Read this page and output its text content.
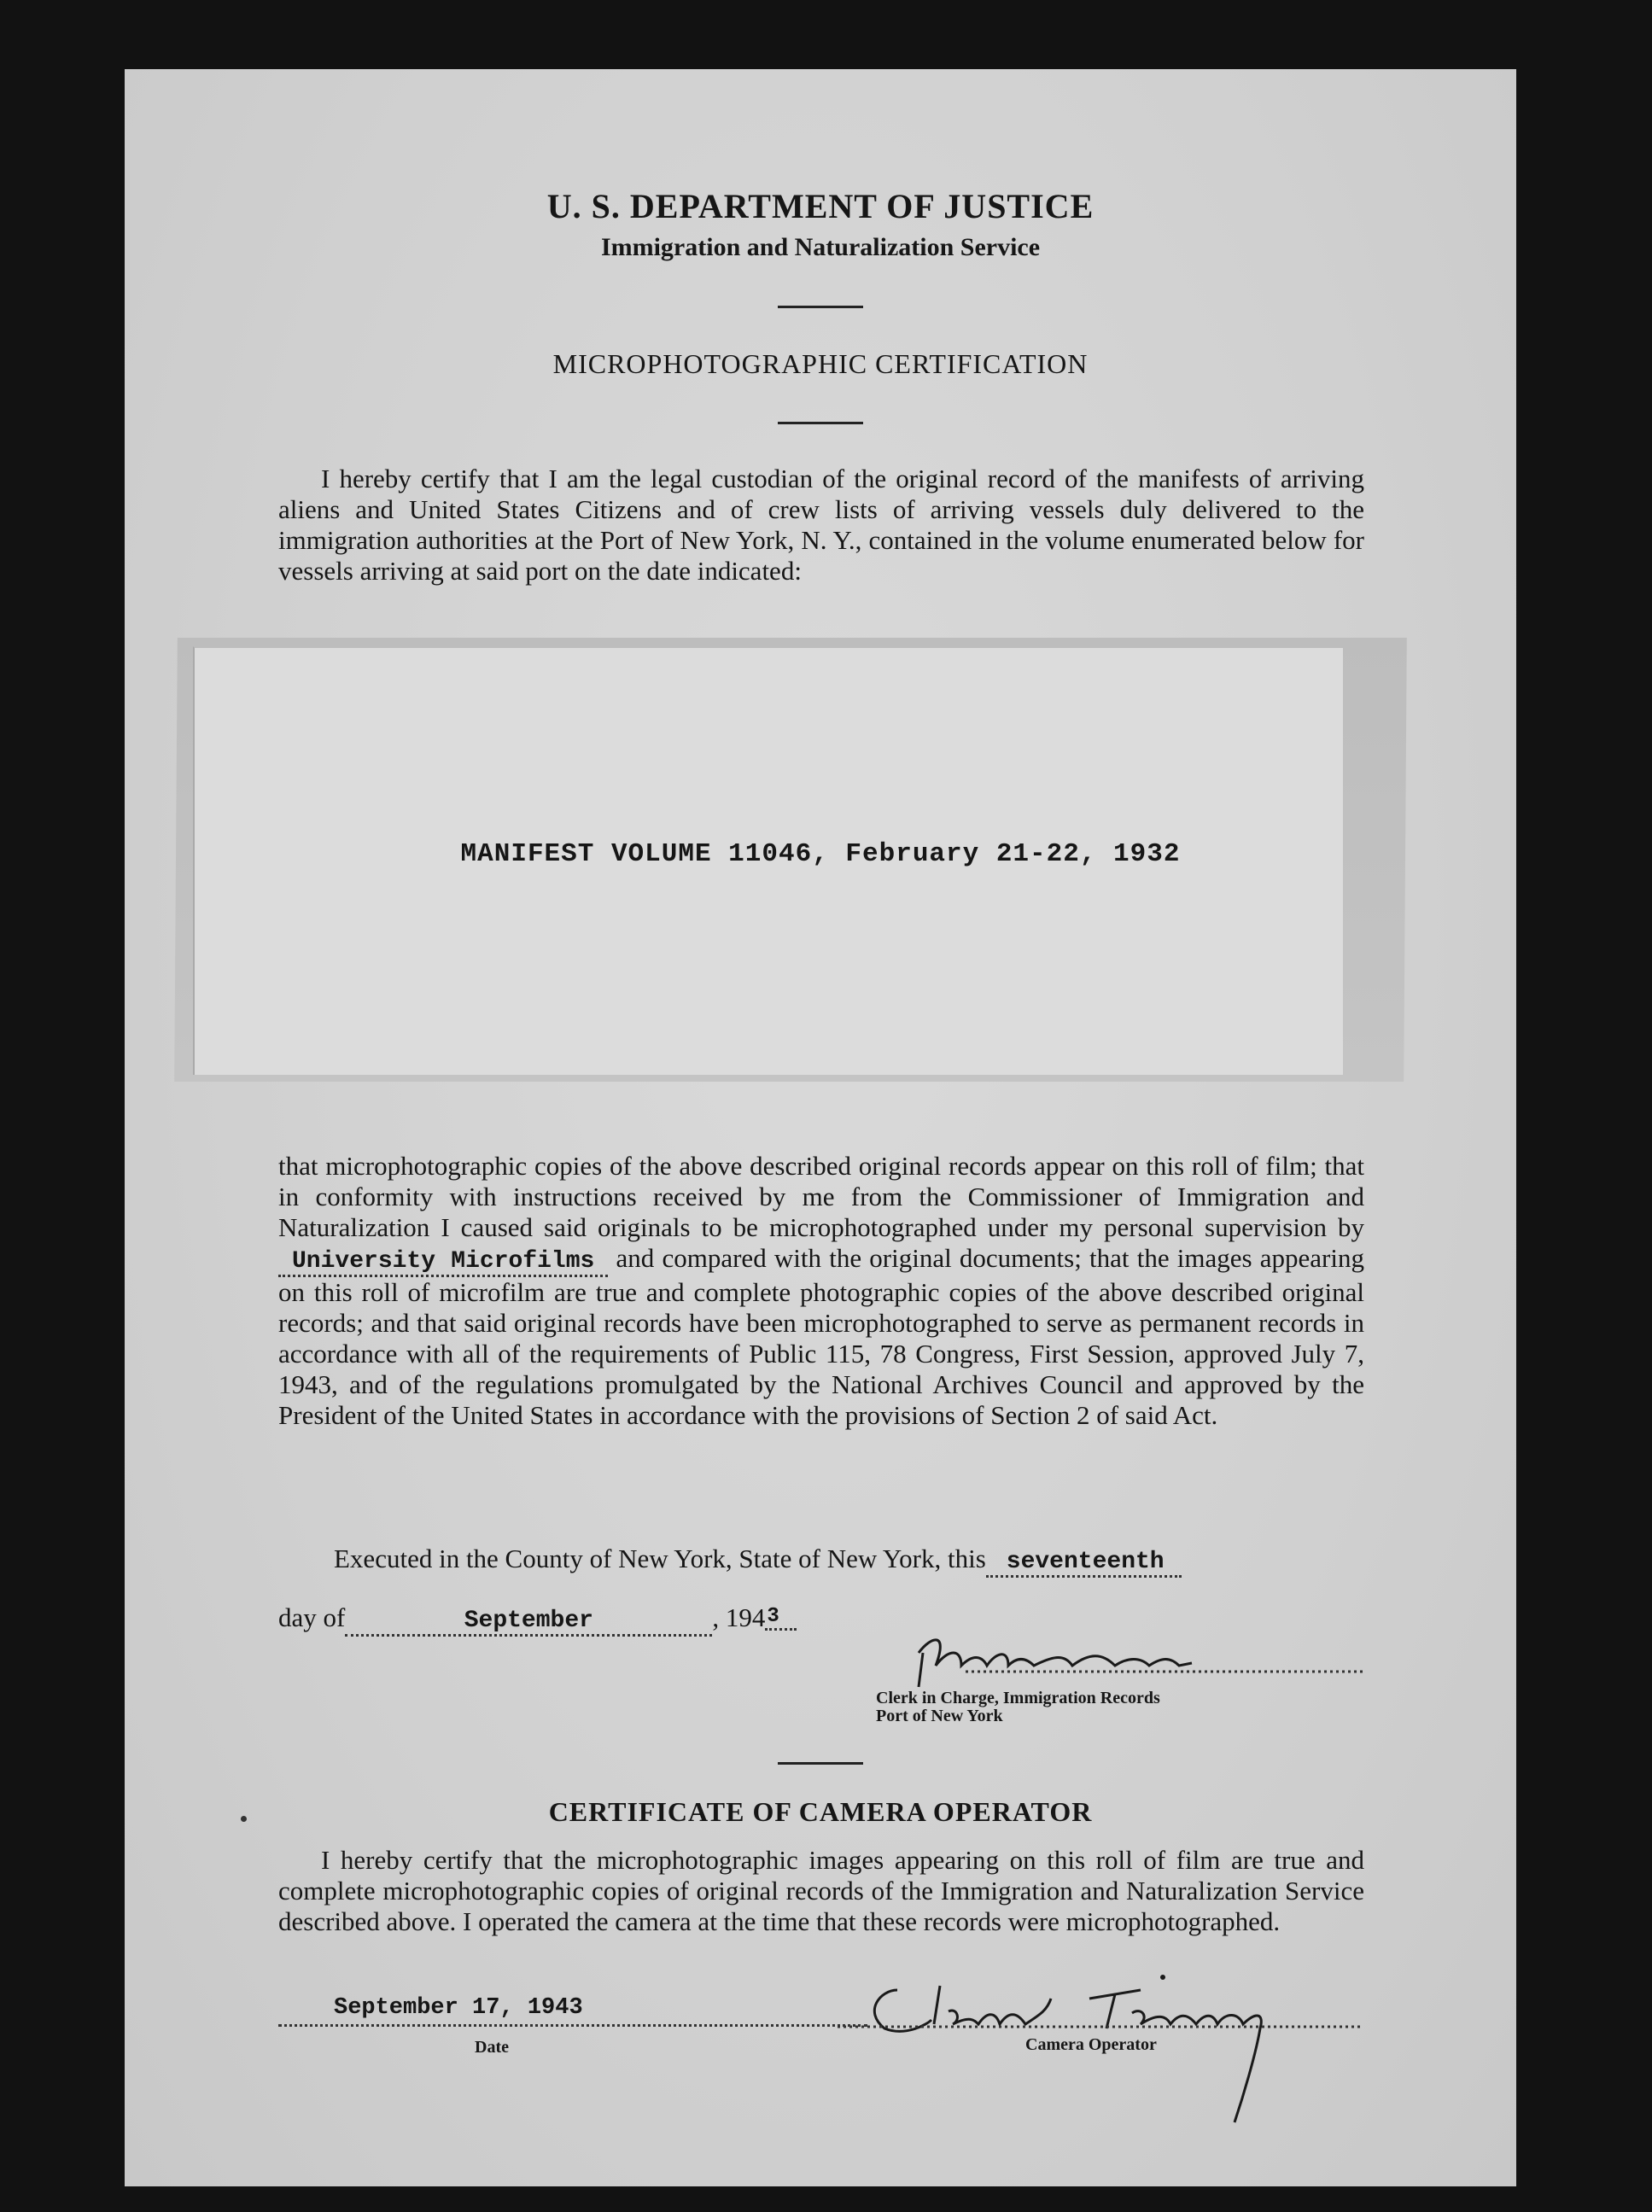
U. S. DEPARTMENT OF JUSTICE
Immigration and Naturalization Service
MICROPHOTOGRAPHIC CERTIFICATION
I hereby certify that I am the legal custodian of the original record of the manifests of arriving aliens and United States Citizens and of crew lists of arriving vessels duly delivered to the immigration authorities at the Port of New York, N. Y., contained in the volume enumerated below for vessels arriving at said port on the date indicated:
MANIFEST VOLUME 11046, February 21-22, 1932
that microphotographic copies of the above described original records appear on this roll of film; that in conformity with instructions received by me from the Commissioner of Immigration and Naturalization I caused said originals to be microphotographed under my personal supervision by University Microfilms and compared with the original documents; that the images appearing on this roll of microfilm are true and complete photographic copies of the above described original records; and that said original records have been microphotographed to serve as permanent records in accordance with all of the requirements of Public 115, 78 Congress, First Session, approved July 7, 1943, and of the regulations promulgated by the National Archives Council and approved by the President of the United States in accordance with the provisions of Section 2 of said Act.
Executed in the County of New York, State of New York, this seventeenth
day of	September	, 1943
Clerk in Charge, Immigration Records
Port of New York
CERTIFICATE OF CAMERA OPERATOR
I hereby certify that the microphotographic images appearing on this roll of film are true and complete microphotographic copies of original records of the Immigration and Naturalization Service described above. I operated the camera at the time that these records were microphotographed.
September 17, 1943
Date	Camera Operator
